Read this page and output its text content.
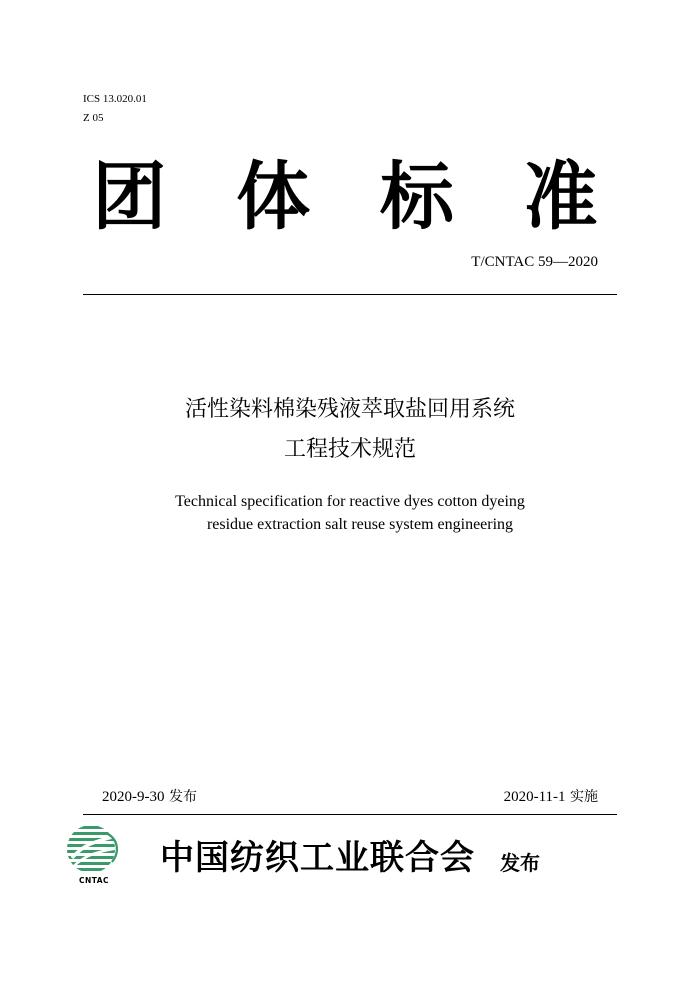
ICS 13.020.01
Z 05
团 体 标 准
T/CNTAC 59—2020
活性染料棉染残液萃取盐回用系统
工程技术规范
Technical specification for reactive dyes cotton dyeing
residue extraction salt reuse system engineering
2020-9-30 发布	2020-11-1 实施
CNTAC
中国纺织工业联合会 发布
